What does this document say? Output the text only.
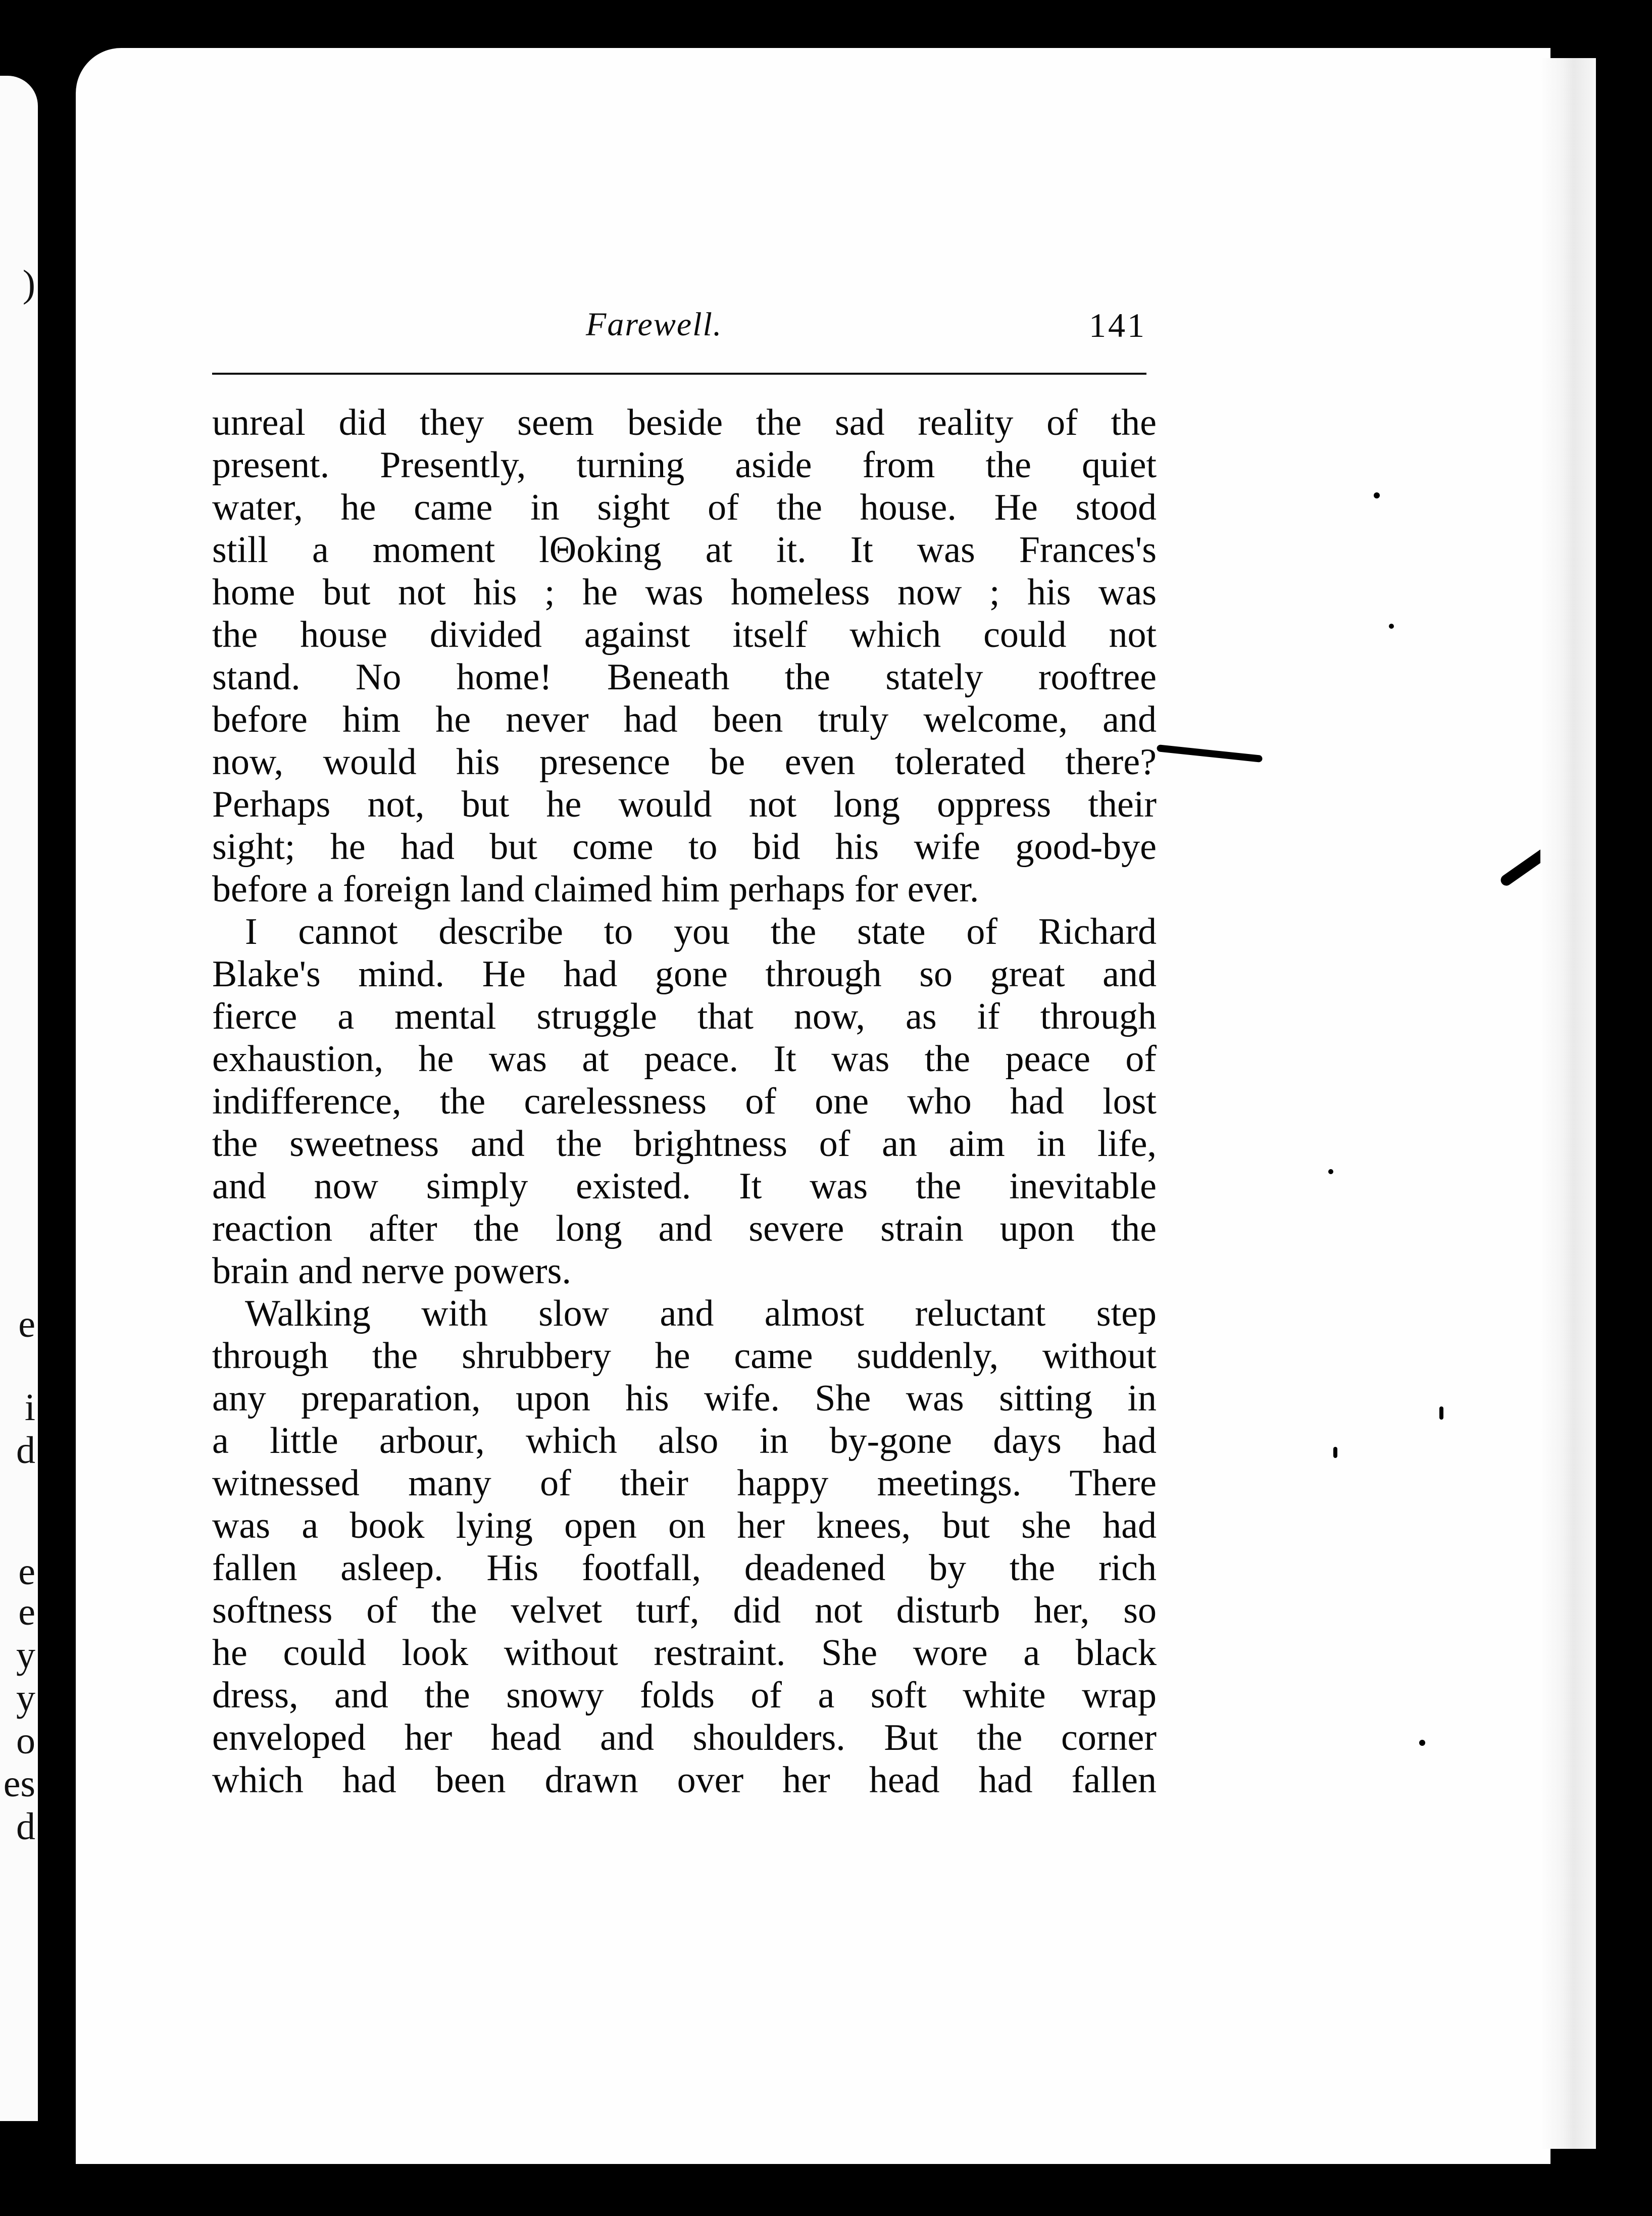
)
e
i
d
e
e
y
y
o
es
d
Farewell.	141
unreal did they seem beside the sad reality of the
present. Presently, turning aside from the quiet
water, he came in sight of the house. He stood
still a moment lΘoking at it. It was Frances's
home but not his ; he was homeless now ; his was
the house divided against itself which could not
stand. No home! Beneath the stately rooftree
before him he never had been truly welcome, and
now, would his presence be even tolerated there?
Perhaps not, but he would not long oppress their
sight; he had but come to bid his wife good-bye
before a foreign land claimed him perhaps for ever.
I cannot describe to you the state of Richard
Blake's mind. He had gone through so great and
fierce a mental struggle that now, as if through
exhaustion, he was at peace. It was the peace of
indifference, the carelessness of one who had lost
the sweetness and the brightness of an aim in life,
and now simply existed. It was the inevitable
reaction after the long and severe strain upon the
brain and nerve powers.
Walking with slow and almost reluctant step
through the shrubbery he came suddenly, without
any preparation, upon his wife. She was sitting in
a little arbour, which also in by-gone days had
witnessed many of their happy meetings. There
was a book lying open on her knees, but she had
fallen asleep. His footfall, deadened by the rich
softness of the velvet turf, did not disturb her, so
he could look without restraint. She wore a black
dress, and the snowy folds of a soft white wrap
enveloped her head and shoulders. But the corner
which had been drawn over her head had fallen
